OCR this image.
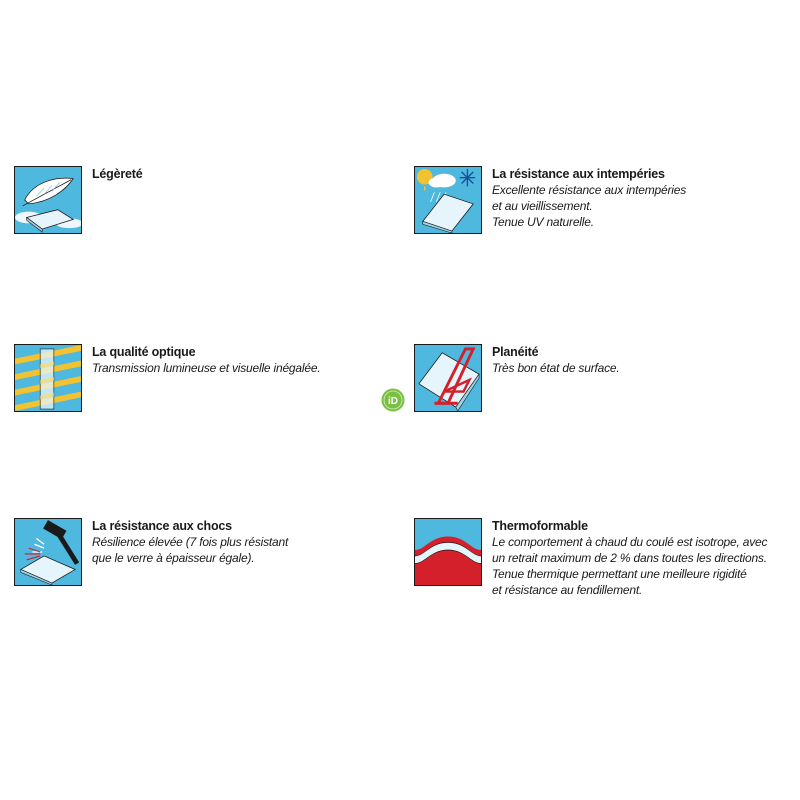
Légèreté	La résistance aux intempéries

Excellente résistance aux intempéries

et au vieillissement.

Tenue UV naturelle.

La qualité optique

Transmission lumineuse et visuelle inégalée.

Planéité

Très bon état de surface.

La résistance aux chocs

Résilience élevée (7 fois plus résistant

que le verre à épaisseur égale).

Thermoformable

Le comportement à chaud du coulé est isotrope, avec

un retrait maximum de 2 % dans toutes les directions.

Tenue thermique permettant une meilleure rigidité

et résistance au fendillement.

iD
